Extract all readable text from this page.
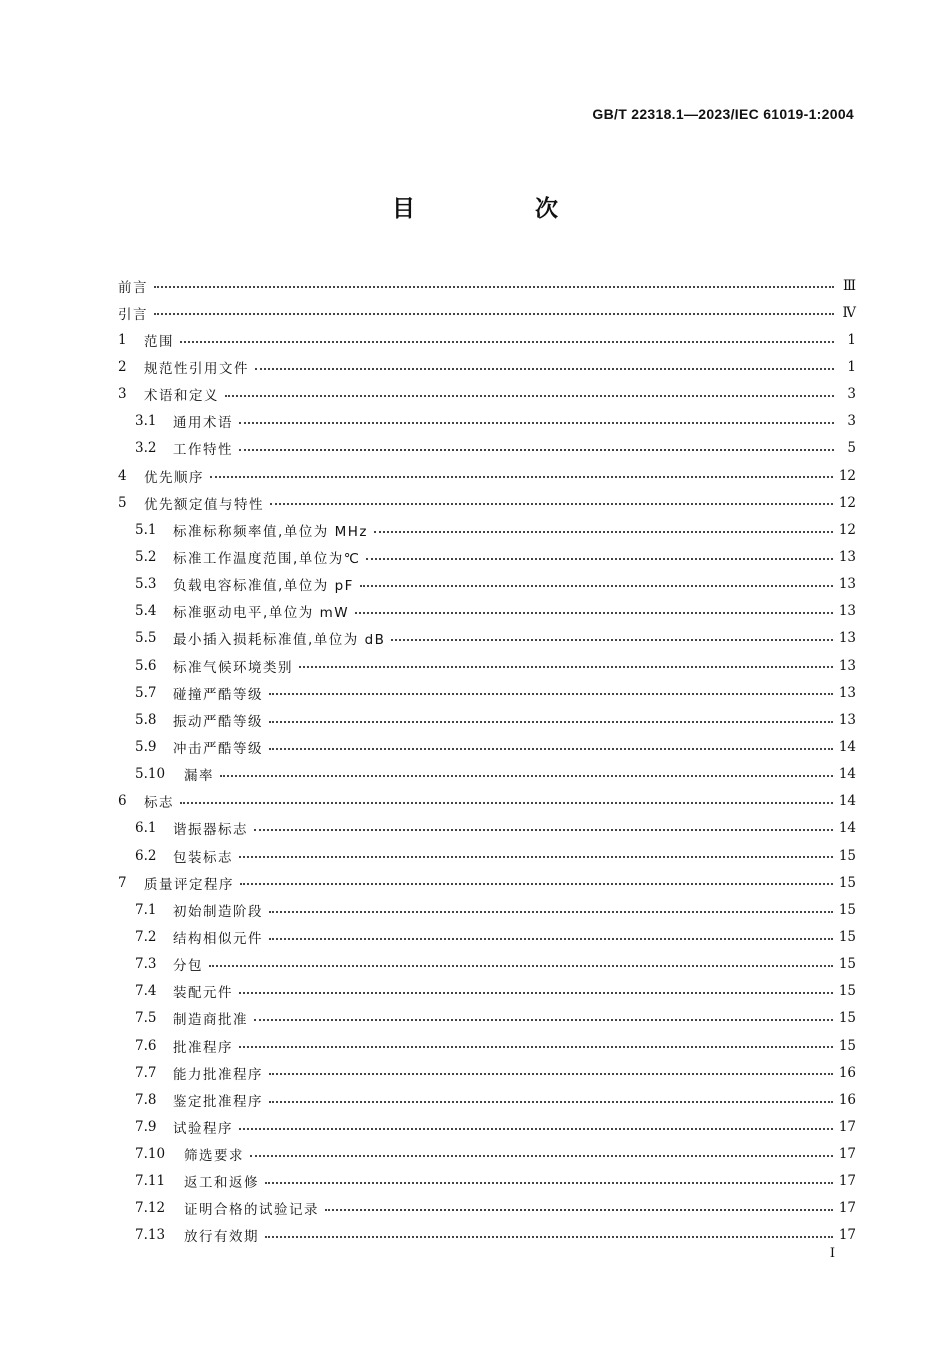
GB/T 22318.1—2023/IEC 61019-1:2004
目 次
前言	Ⅲ
引言	Ⅳ
1	范围	1
2	规范性引用文件	1
3	术语和定义	3
3.1	通用术语	3
3.2	工作特性	5
4	优先顺序	12
5	优先额定值与特性	12
5.1	标准标称频率值,单位为 MHz	12
5.2	标准工作温度范围,单位为℃	13
5.3	负载电容标准值,单位为 pF	13
5.4	标准驱动电平,单位为 mW	13
5.5	最小插入损耗标准值,单位为 dB	13
5.6	标准气候环境类别	13
5.7	碰撞严酷等级	13
5.8	振动严酷等级	13
5.9	冲击严酷等级	14
5.10	漏率	14
6	标志	14
6.1	谐振器标志	14
6.2	包装标志	15
7	质量评定程序	15
7.1	初始制造阶段	15
7.2	结构相似元件	15
7.3	分包	15
7.4	装配元件	15
7.5	制造商批准	15
7.6	批准程序	15
7.7	能力批准程序	16
7.8	鉴定批准程序	16
7.9	试验程序	17
7.10	筛选要求	17
7.11	返工和返修	17
7.12	证明合格的试验记录	17
7.13	放行有效期	17
I
